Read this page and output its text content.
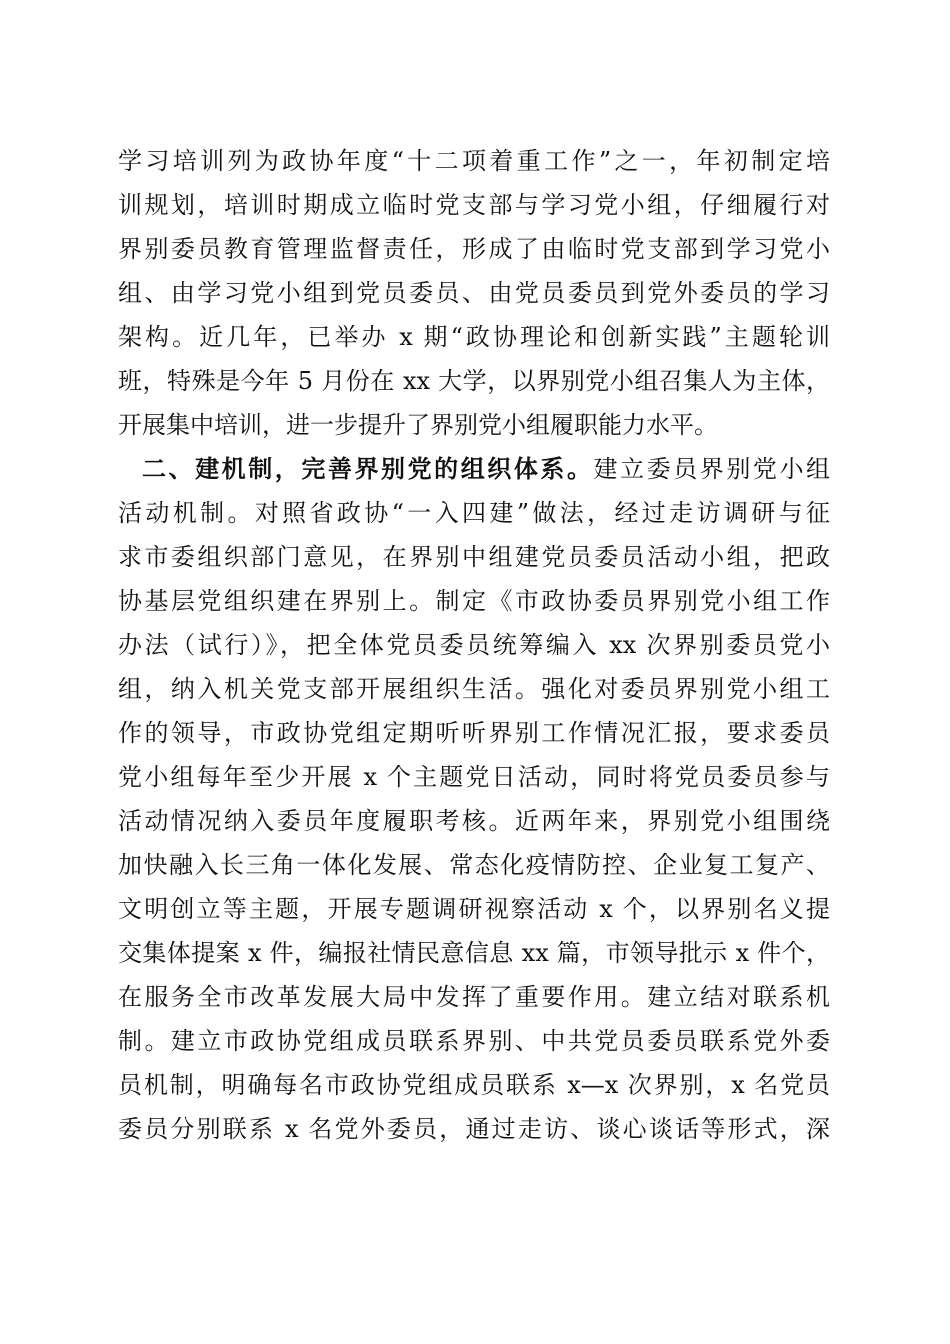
学习培训列为政协年度“十二项着重工作”之一，年初制定培
训规划，培训时期成立临时党支部与学习党小组，仔细履行对
界别委员教育管理监督责任，形成了由临时党支部到学习党小
组、由学习党小组到党员委员、由党员委员到党外委员的学习
架构。近几年，已举办 x 期“政协理论和创新实践”主题轮训
班，特殊是今年 5 月份在 xx 大学，以界别党小组召集人为主体，
开展集中培训，进一步提升了界别党小组履职能力水平。
二、建机制，完善界别党的组织体系。建立委员界别党小组
活动机制。对照省政协“一入四建”做法，经过走访调研与征
求市委组织部门意见，在界别中组建党员委员活动小组，把政
协基层党组织建在界别上。制定《市政协委员界别党小组工作
办法（试行）》，把全体党员委员统筹编入 xx 次界别委员党小
组，纳入机关党支部开展组织生活。强化对委员界别党小组工
作的领导，市政协党组定期听听界别工作情况汇报，要求委员
党小组每年至少开展 x 个主题党日活动，同时将党员委员参与
活动情况纳入委员年度履职考核。近两年来，界别党小组围绕
加快融入长三角一体化发展、常态化疫情防控、企业复工复产、
文明创立等主题，开展专题调研视察活动 x 个，以界别名义提
交集体提案 x 件，编报社情民意信息 xx 篇，市领导批示 x 件个，
在服务全市改革发展大局中发挥了重要作用。建立结对联系机
制。建立市政协党组成员联系界别、中共党员委员联系党外委
员机制，明确每名市政协党组成员联系 x—x 次界别，x 名党员
委员分别联系 x 名党外委员，通过走访、谈心谈话等形式，深
